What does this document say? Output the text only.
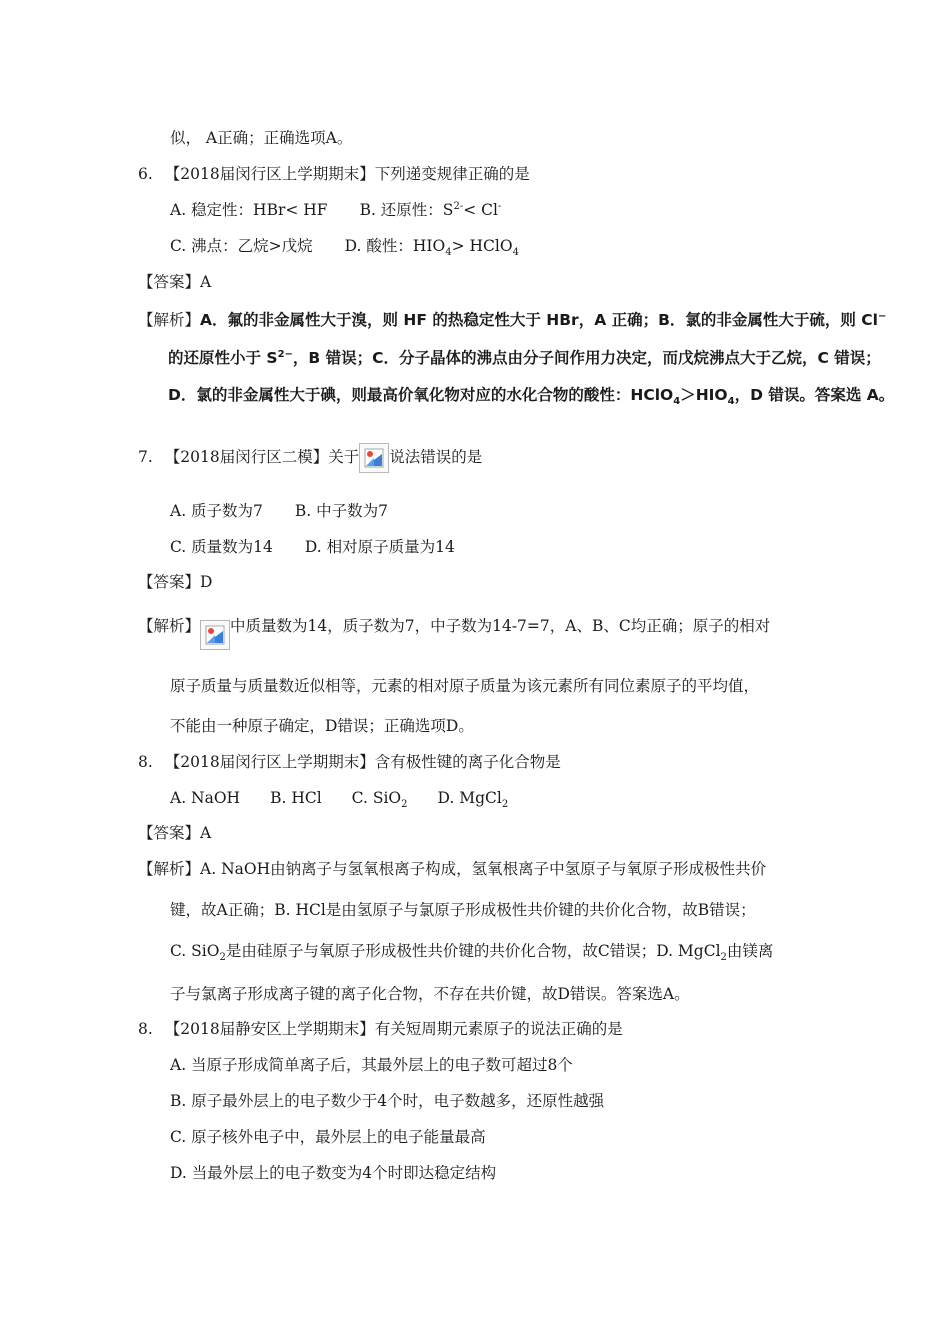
似， A正确；正确选项A。
6. 【2018届闵行区上学期期末】下列递变规律正确的是
A. 稳定性：HBr< HF B. 还原性：$S^{2-}< Cl^-$
C. 沸点：乙烷>戊烷 D. 酸性：$HIO_4>$ HClO$_4$
【答案】A
【解析】A．氟的非金属性大于溴，则 HF 的热稳定性大于 HBr，A 正确；B．氯的非金属性大于硫，则 Cl−
的还原性小于 $S^{2-}$，B 错误；C．分子晶体的沸点由分子间作用力决定，而戊烷沸点大于乙烷，C 错误；
D．氯的非金属性大于碘，则最高价氧化物对应的水化合物的酸性：$HClO_4>HIO_4$，D 错误。答案选 A。
7. 【2018届闵行区二模】关于 说法错误的是
A. 质子数为7 B. 中子数为7
C. 质量数为14 D. 相对原子质量为14
【答案】D
【解析】 中质量数为14，质子数为7，中子数为14-7=7，A、B、C均正确；原子的相对
原子质量与质量数近似相等，元素的相对原子质量为该元素所有同位素原子的平均值，
不能由一种原子确定，D错误；正确选项D。
8. 【2018届闵行区上学期期末】含有极性键的离子化合物是
A. NaOH B. HCl C. SiO$_2$ D. MgCl$_2$
【答案】A
【解析】A. NaOH由钠离子与氢氧根离子构成，氢氧根离子中氢原子与氧原子形成极性共价
键，故A正确；B. HCl是由氢原子与氯原子形成极性共价键的共价化合物，故B错误；
C. SiO$_2$是由硅原子与氧原子形成极性共价键的共价化合物，故C错误；D. MgCl$_2$由镁离
子与氯离子形成离子键的离子化合物，不存在共价键，故D错误。答案选A。
8. 【2018届静安区上学期期末】有关短周期元素原子的说法正确的是
A. 当原子形成简单离子后，其最外层上的电子数可超过8个
B. 原子最外层上的电子数少于4个时，电子数越多，还原性越强
C. 原子核外电子中，最外层上的电子能量最高
D. 当最外层上的电子数变为4个时即达稳定结构
